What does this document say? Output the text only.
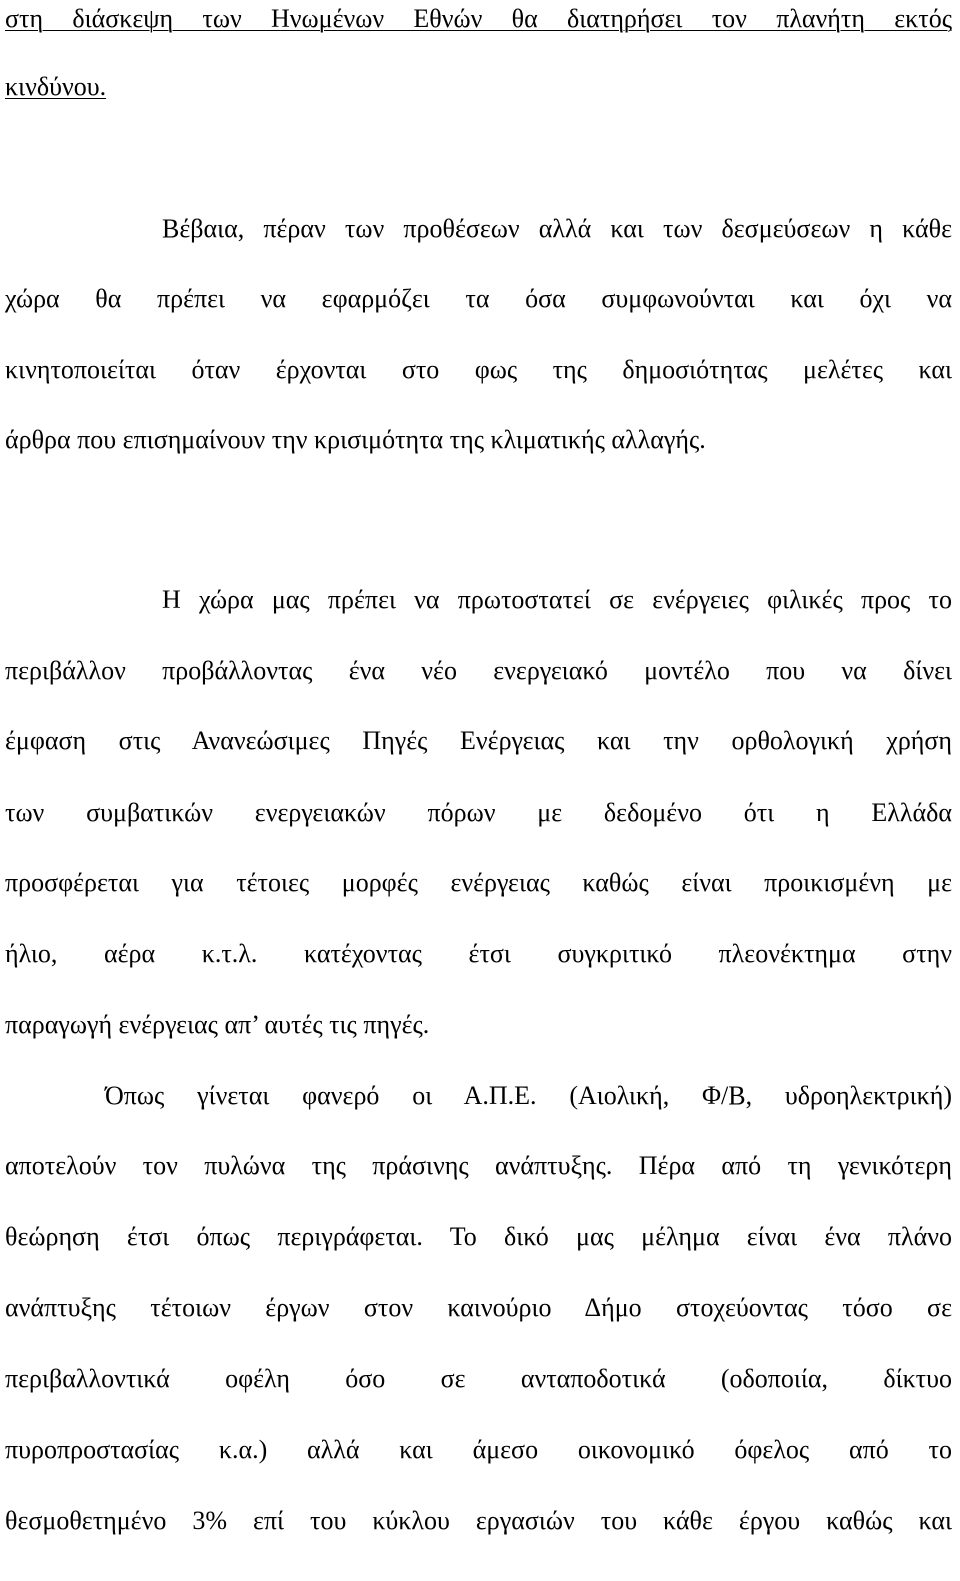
στη διάσκεψη των Ηνωμένων Εθνών θα διατηρήσει τον πλανήτη εκτός
κινδύνου.
Βέβαια, πέραν των προθέσεων αλλά και των δεσμεύσεων η κάθε
χώρα θα πρέπει να εφαρμόζει τα όσα συμφωνούνται και όχι να
κινητοποιείται όταν έρχονται στο φως της δημοσιότητας μελέτες και
άρθρα που επισημαίνουν την κρισιμότητα της κλιματικής αλλαγής.
Η χώρα μας πρέπει να πρωτοστατεί σε ενέργειες φιλικές προς το
περιβάλλον προβάλλοντας ένα νέο ενεργειακό μοντέλο που να δίνει
έμφαση στις Ανανεώσιμες Πηγές Ενέργειας και την ορθολογική χρήση
των συμβατικών ενεργειακών πόρων με δεδομένο ότι η Ελλάδα
προσφέρεται για τέτοιες μορφές ενέργειας καθώς είναι προικισμένη με
ήλιο, αέρα κ.τ.λ. κατέχοντας έτσι συγκριτικό πλεονέκτημα στην
παραγωγή ενέργειας απ’ αυτές τις πηγές.
Όπως γίνεται φανερό οι Α.Π.Ε. (Αιολική, Φ/Β, υδροηλεκτρική)
αποτελούν τον πυλώνα της πράσινης ανάπτυξης. Πέρα από τη γενικότερη
θεώρηση έτσι όπως περιγράφεται. Το δικό μας μέλημα είναι ένα πλάνο
ανάπτυξης τέτοιων έργων στον καινούριο Δήμο στοχεύοντας τόσο σε
περιβαλλοντικά οφέλη όσο σε ανταποδοτικά (οδοποιία, δίκτυο
πυροπροστασίας κ.α.) αλλά και άμεσο οικονομικό όφελος από το
θεσμοθετημένο 3% επί του κύκλου εργασιών του κάθε έργου καθώς και
